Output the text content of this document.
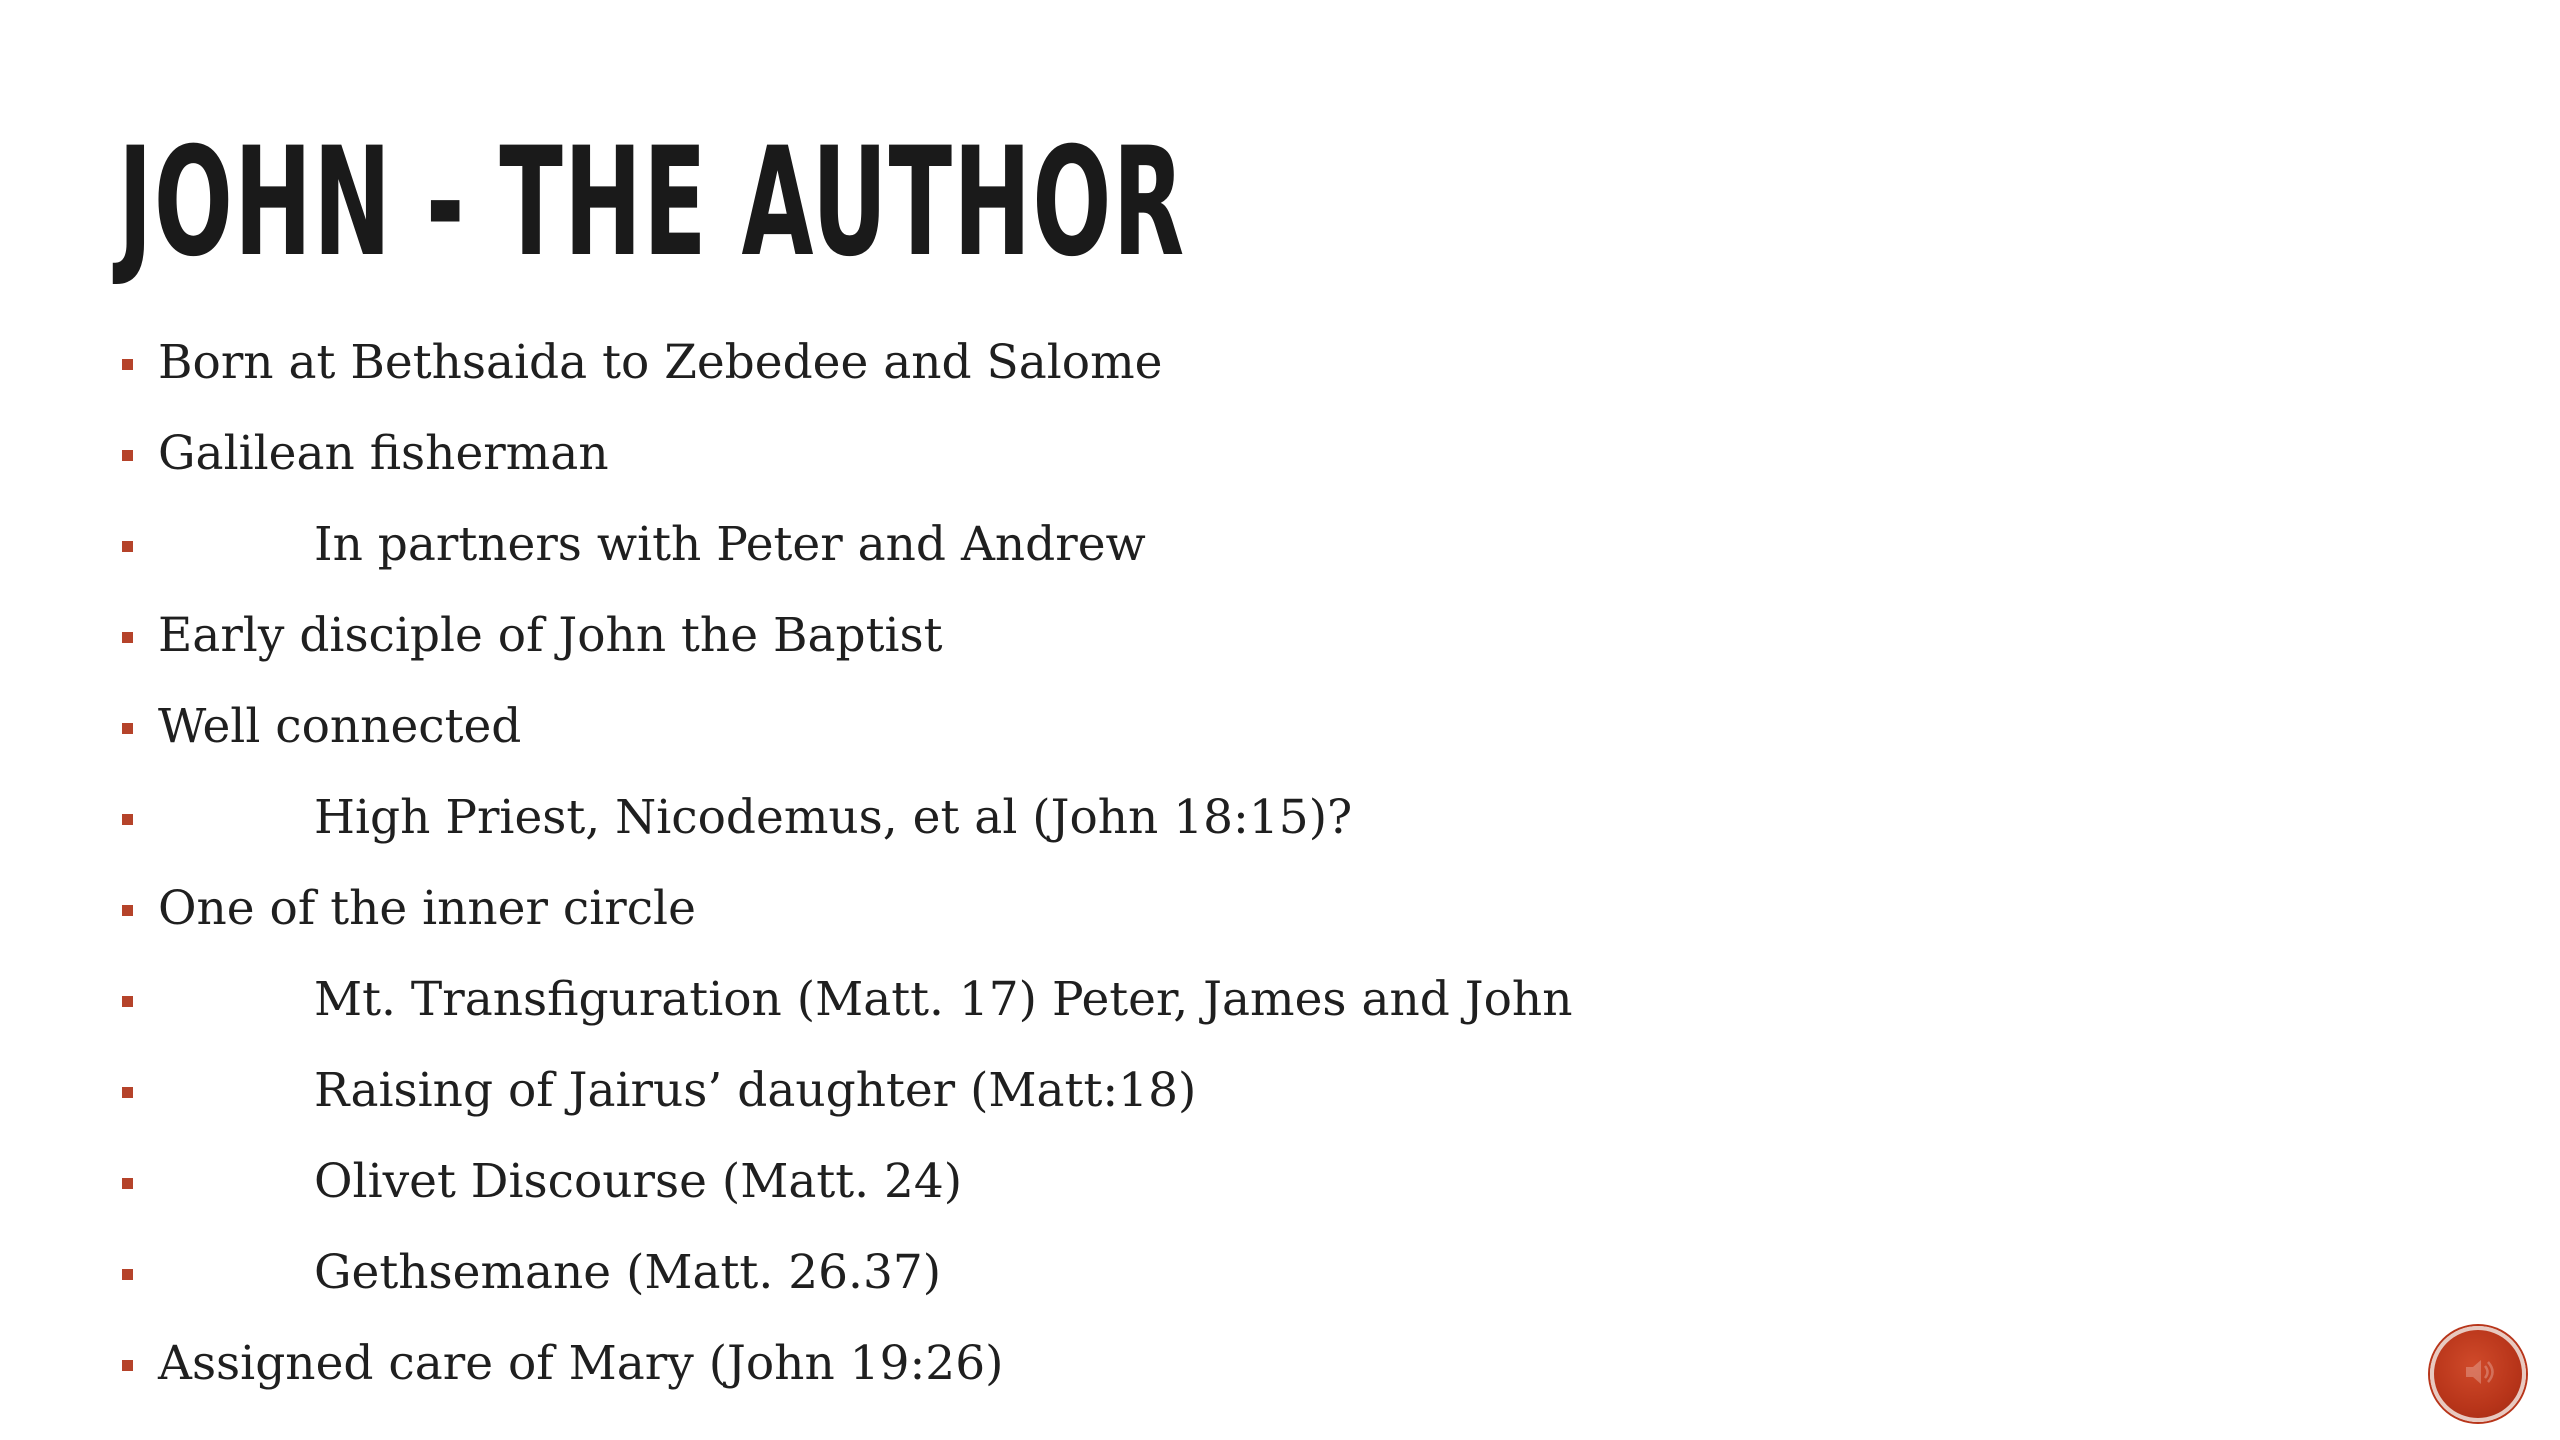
JOHN - THE AUTHOR
Born at Bethsaida to Zebedee and Salome
Galilean fisherman
In partners with Peter and Andrew
Early disciple of John the Baptist
Well connected
High Priest, Nicodemus, et al (John 18:15)?
One of the inner circle
Mt. Transfiguration (Matt. 17) Peter, James and John
Raising of Jairus’ daughter (Matt:18)
Olivet Discourse (Matt. 24)
Gethsemane (Matt. 26.37)
Assigned care of Mary (John 19:26)
